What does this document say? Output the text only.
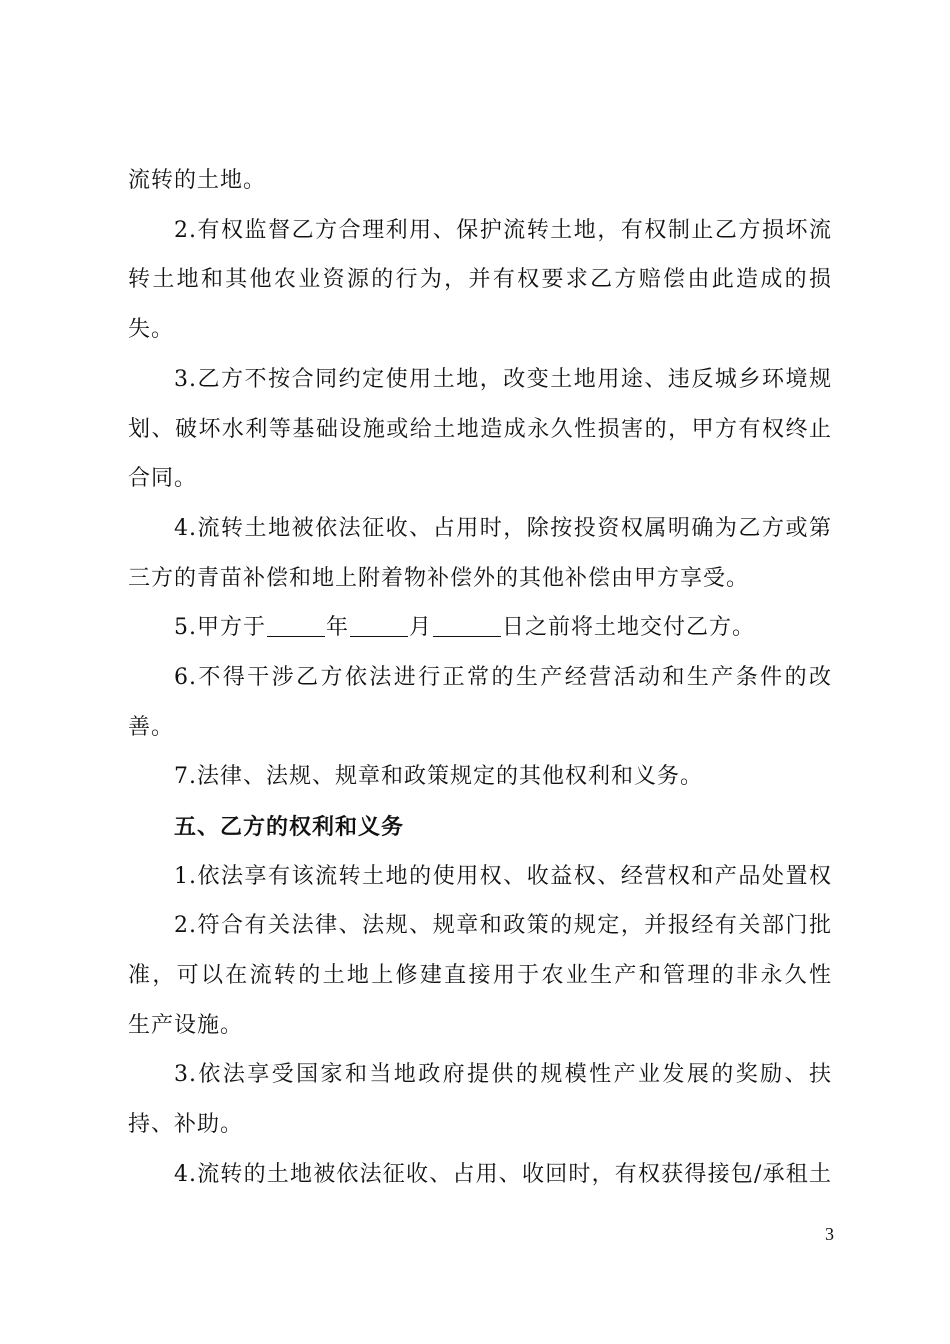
流转的土地。
2.有权监督乙方合理利用、保护流转土地，有权制止乙方损坏流
转土地和其他农业资源的行为，并有权要求乙方赔偿由此造成的损
失。
3.乙方不按合同约定使用土地，改变土地用途、违反城乡环境规
划、破坏水利等基础设施或给土地造成永久性损害的，甲方有权终止
合同。
4.流转土地被依法征收、占用时，除按投资权属明确为乙方或第
三方的青苗补偿和地上附着物补偿外的其他补偿由甲方享受。
5.甲方于	年	月	日之前将土地交付乙方。
6.不得干涉乙方依法进行正常的生产经营活动和生产条件的改
善。
7.法律、法规、规章和政策规定的其他权利和义务。
五、乙方的权利和义务
1.依法享有该流转土地的使用权、收益权、经营权和产品处置权
2.符合有关法律、法规、规章和政策的规定，并报经有关部门批
准，可以在流转的土地上修建直接用于农业生产和管理的非永久性
生产设施。
3.依法享受国家和当地政府提供的规模性产业发展的奖励、扶
持、补助。
4.流转的土地被依法征收、占用、收回时，有权获得接包/承租土
3
